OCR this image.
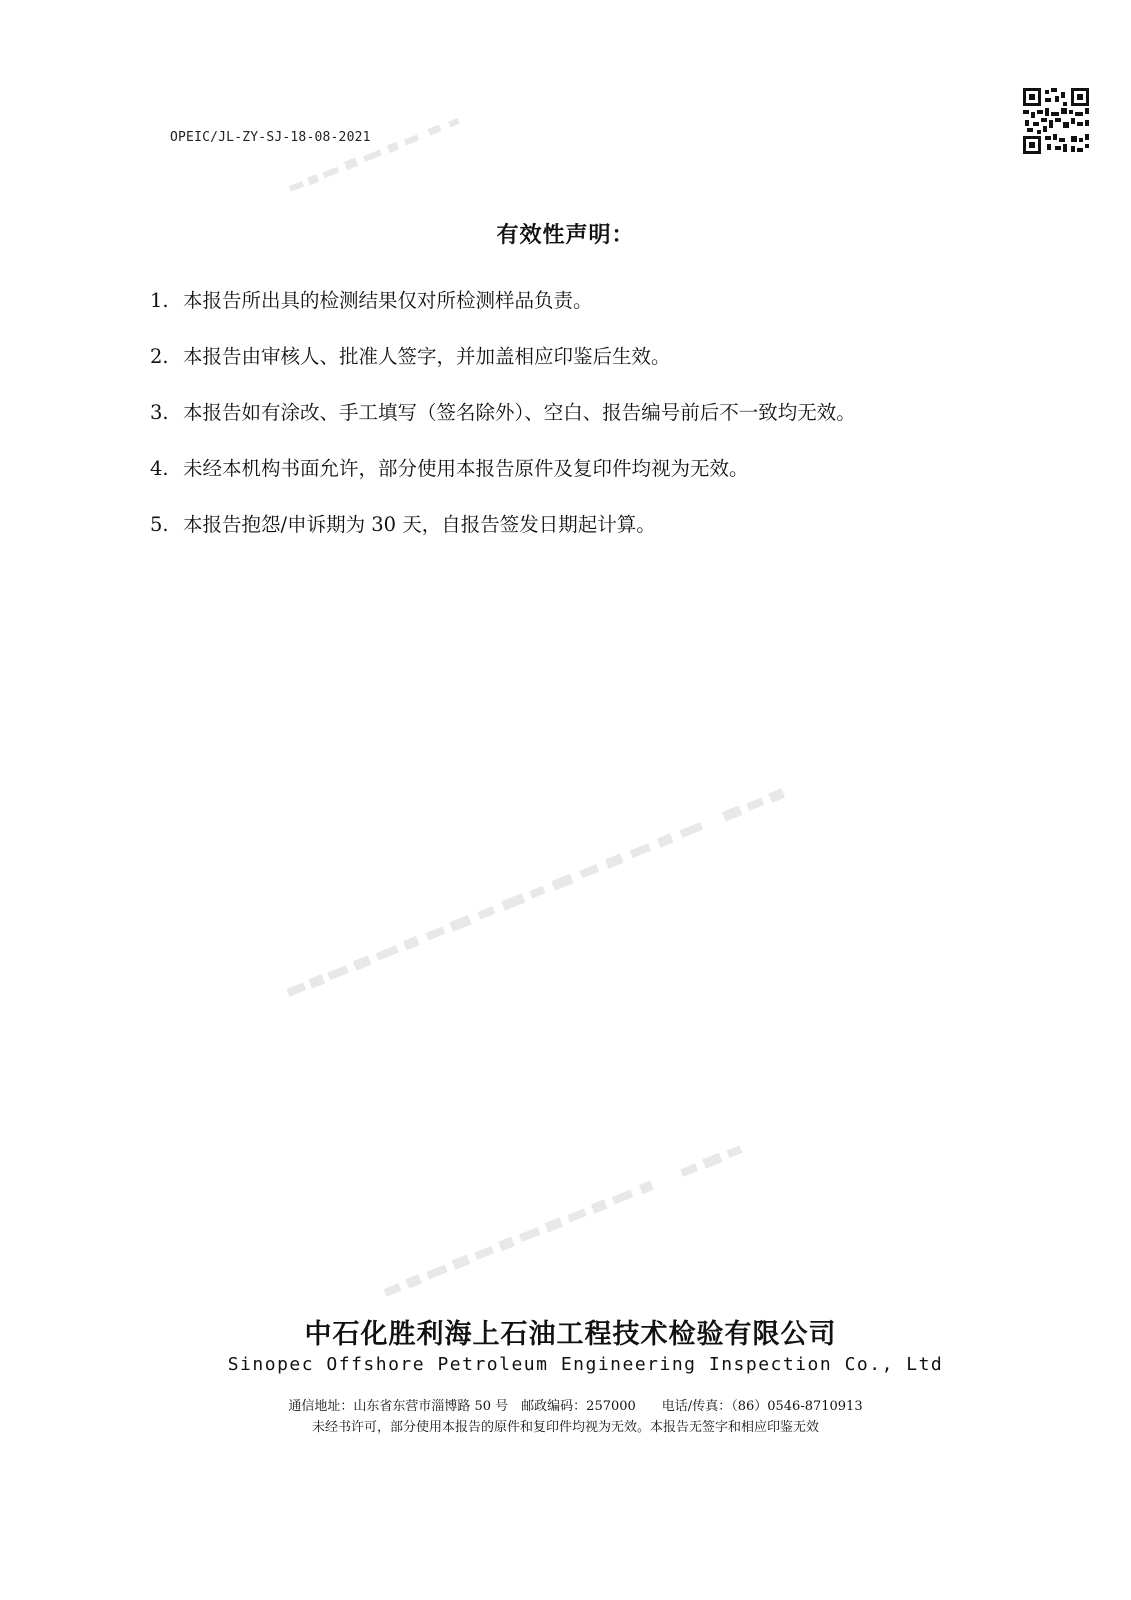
OPEIC/JL-ZY-SJ-18-08-2021
有效性声明：
1. 本报告所出具的检测结果仅对所检测样品负责。
2. 本报告由审核人、批准人签字，并加盖相应印鉴后生效。
3. 本报告如有涂改、手工填写（签名除外）、空白、报告编号前后不一致均无效。
4. 未经本机构书面允许，部分使用本报告原件及复印件均视为无效。
5. 本报告抱怨/申诉期为 30 天，自报告签发日期起计算。
中石化胜利海上石油工程技术检验有限公司
Sinopec Offshore Petroleum Engineering Inspection Co., Ltd
通信地址：山东省东营市淄博路 50 号　邮政编码：257000　　电话/传真：（86）0546-8710913
未经书许可，部分使用本报告的原件和复印件均视为无效。本报告无签字和相应印鉴无效
